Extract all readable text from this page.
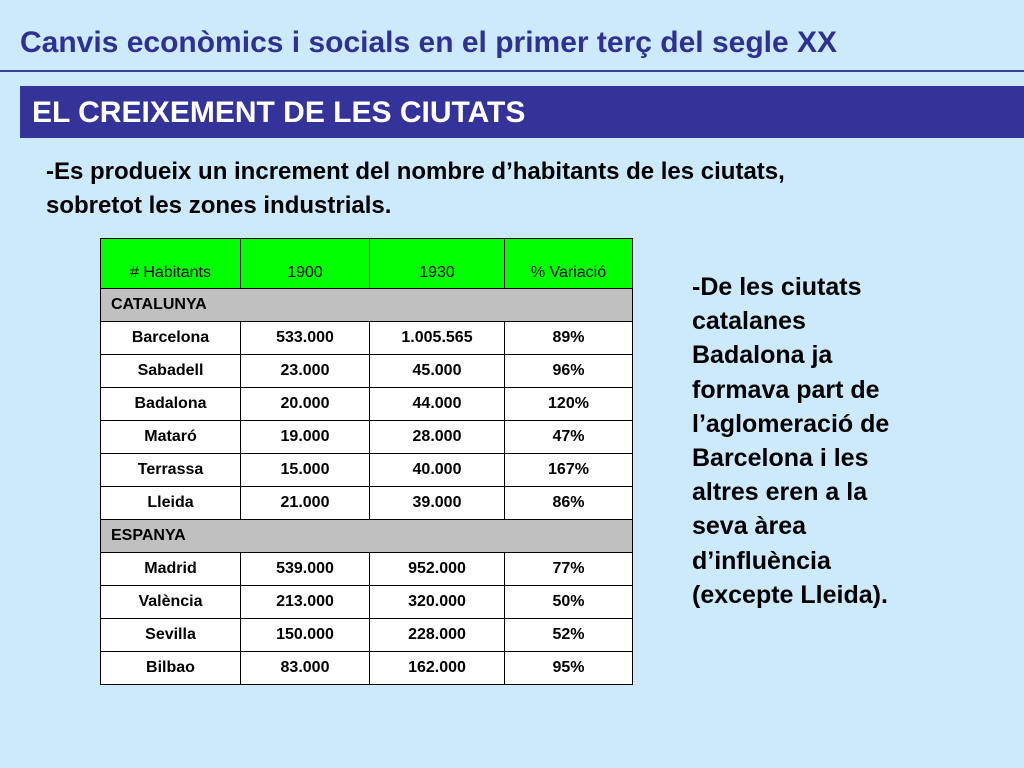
Canvis econòmics i socials en el primer terç del segle XX
EL CREIXEMENT DE LES CIUTATS

-Es produeix un increment del nombre d’habitants de les ciutats,
sobretot les zones industrials.

# Habitants	1900	1930	% Variació
CATALUNYA			
Barcelona	533.000	1.005.565	89%
Sabadell	23.000	45.000	96%
Badalona	20.000	44.000	120%
Mataró	19.000	28.000	47%
Terrassa	15.000	40.000	167%
Lleida	21.000	39.000	86%
ESPANYA			
Madrid	539.000	952.000	77%
València	213.000	320.000	50%
Sevilla	150.000	228.000	52%
Bilbao	83.000	162.000	95%

-De les ciutats
catalanes
Badalona ja
formava part de
l’aglomeració de
Barcelona i les
altres eren a la
seva àrea
d’influència
(excepte Lleida).
